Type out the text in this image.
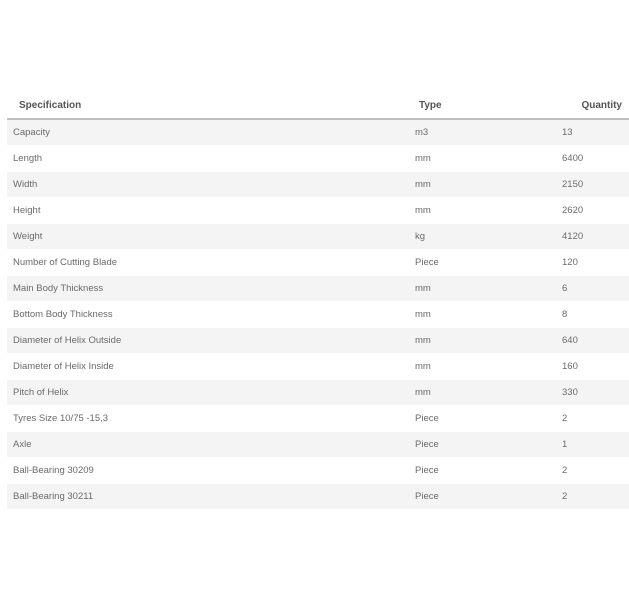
Specification	Type	Quantity
Capacity	m3	13
Length	mm	6400
Width	mm	2150
Height	mm	2620
Weight	kg	4120
Number of Cutting Blade	Piece	120
Main Body Thickness	mm	6
Bottom Body Thickness	mm	8
Diameter of Helix Outside	mm	640
Diameter of Helix Inside	mm	160
Pitch of Helix	mm	330
Tyres Size 10/75 -15,3	Piece	2
Axle	Piece	1
Ball-Bearing 30209	Piece	2
Ball-Bearing 30211	Piece	2
